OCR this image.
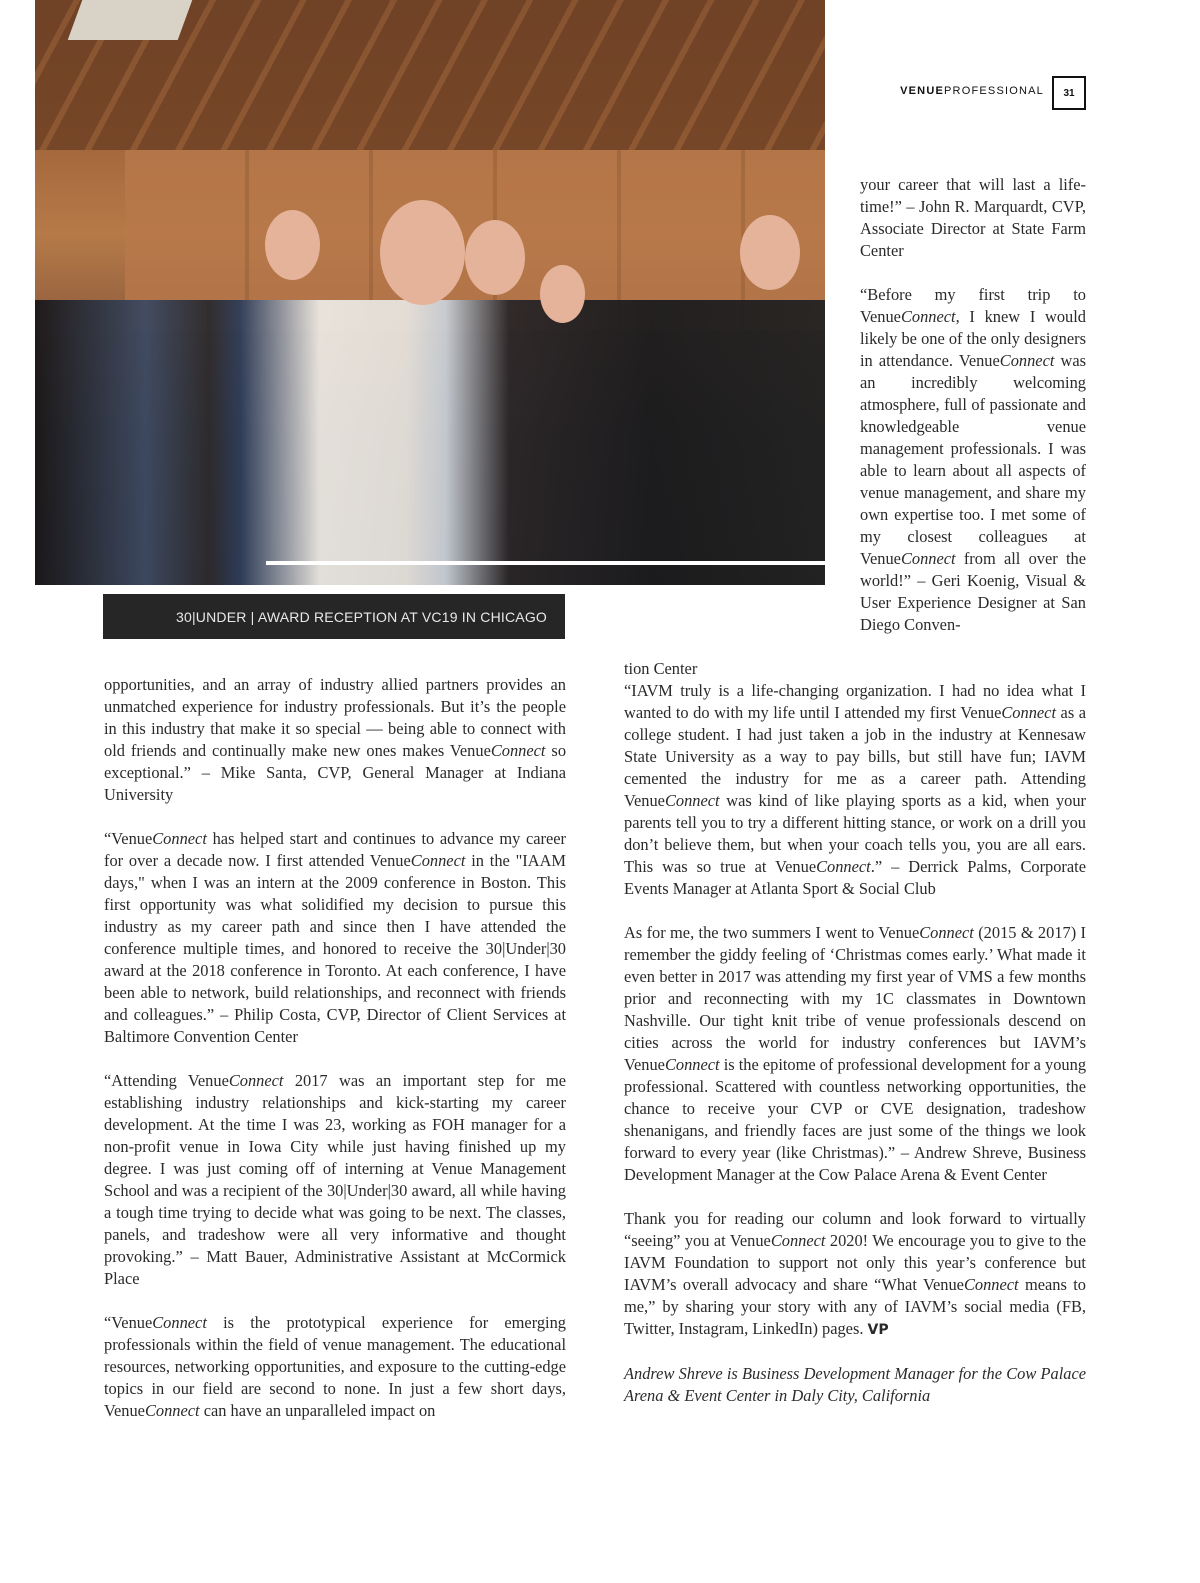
30|UNDER | AWARD RECEPTION AT VC19 IN CHICAGO
VENUEPROFESSIONAL	31

your career that will last a life-time!” – John R. Marquardt, CVP, Associate Director at State Farm Center

“Before my first trip to VenueConnect, I knew I would likely be one of the only designers in attendance. VenueConnect was an incredibly welcoming atmosphere, full of passionate and knowledgeable venue management professionals. I was able to learn about all aspects of venue management, and share my own expertise too. I met some of my closest colleagues at VenueConnect from all over the world!” – Geri Koenig, Visual & User Experience Designer at San Diego Conven-

tion Center

opportunities, and an array of industry allied partners provides an unmatched experience for industry professionals. But it’s the people in this industry that make it so special — being able to connect with old friends and continually make new ones makes VenueConnect so exceptional.” – Mike Santa, CVP, General Manager at Indiana University

“VenueConnect has helped start and continues to advance my career for over a decade now. I first attended VenueConnect in the "IAAM days," when I was an intern at the 2009 conference in Boston. This first opportunity was what solidified my decision to pursue this industry as my career path and since then I have attended the conference multiple times, and honored to receive the 30|Under|30 award at the 2018 conference in Toronto. At each conference, I have been able to network, build relationships, and reconnect with friends and colleagues.” – Philip Costa, CVP, Director of Client Services at Baltimore Convention Center

“Attending VenueConnect 2017 was an important step for me establishing industry relationships and kick-starting my career development. At the time I was 23, working as FOH manager for a non-profit venue in Iowa City while just having finished up my degree. I was just coming off of interning at Venue Management School and was a recipient of the 30|Under|30 award, all while having a tough time trying to decide what was going to be next. The classes, panels, and tradeshow were all very informative and thought provoking.” – Matt Bauer, Administrative Assistant at McCormick Place

“VenueConnect is the prototypical experience for emerging professionals within the field of venue management. The educational resources, networking opportunities, and exposure to the cutting-edge topics in our field are second to none. In just a few short days, VenueConnect can have an unparalleled impact on

“IAVM truly is a life-changing organization. I had no idea what I wanted to do with my life until I attended my first VenueConnect as a college student. I had just taken a job in the industry at Kennesaw State University as a way to pay bills, but still have fun; IAVM cemented the industry for me as a career path. Attending VenueConnect was kind of like playing sports as a kid, when your parents tell you to try a different hitting stance, or work on a drill you don’t believe them, but when your coach tells you, you are all ears. This was so true at VenueConnect.” – Derrick Palms, Corporate Events Manager at Atlanta Sport & Social Club

As for me, the two summers I went to VenueConnect (2015 & 2017) I remember the giddy feeling of ‘Christmas comes early.’ What made it even better in 2017 was attending my first year of VMS a few months prior and reconnecting with my 1C classmates in Downtown Nashville. Our tight knit tribe of venue professionals descend on cities across the world for industry conferences but IAVM’s VenueConnect is the epitome of professional development for a young professional. Scattered with countless networking opportunities, the chance to receive your CVP or CVE designation, tradeshow shenanigans, and friendly faces are just some of the things we look forward to every year (like Christmas).” – Andrew Shreve, Business Development Manager at the Cow Palace Arena & Event Center

Thank you for reading our column and look forward to virtually “seeing” you at VenueConnect 2020! We encourage you to give to the IAVM Foundation to support not only this year’s conference but IAVM’s overall advocacy and share “What VenueConnect means to me,” by sharing your story with any of IAVM’s social media (FB, Twitter, Instagram, LinkedIn) pages. VP

Andrew Shreve is Business Development Manager for the Cow Palace Arena & Event Center in Daly City, California
